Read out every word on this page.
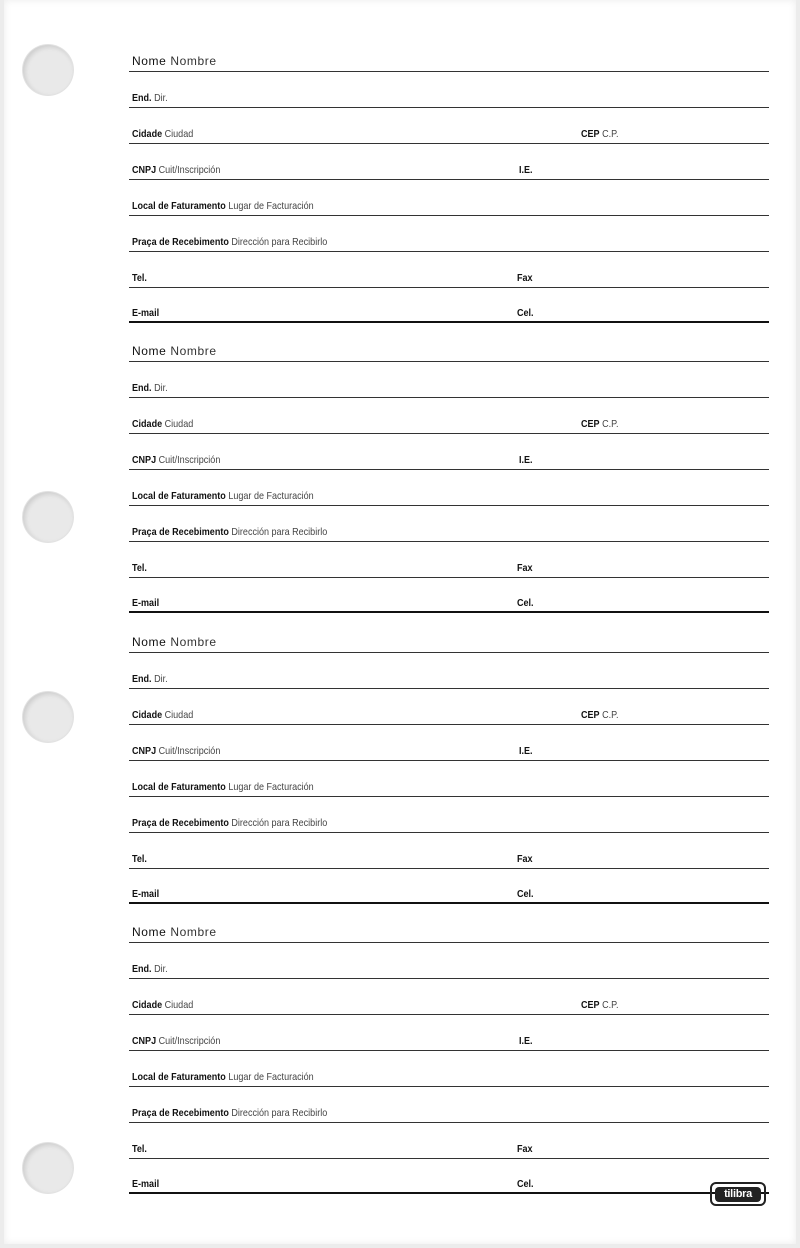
Nome Nombre
End. Dir.
Cidade Ciudad	CEP C.P.
CNPJ Cuit/Inscripción	I.E.
Local de Faturamento Lugar de Facturación
Praça de Recebimento Dirección para Recibirlo
Tel.	Fax
E-mail	Cel.
Nome Nombre
End. Dir.
Cidade Ciudad	CEP C.P.
CNPJ Cuit/Inscripción	I.E.
Local de Faturamento Lugar de Facturación
Praça de Recebimento Dirección para Recibirlo
Tel.	Fax
E-mail	Cel.
Nome Nombre
End. Dir.
Cidade Ciudad	CEP C.P.
CNPJ Cuit/Inscripción	I.E.
Local de Faturamento Lugar de Facturación
Praça de Recebimento Dirección para Recibirlo
Tel.	Fax
E-mail	Cel.
Nome Nombre
End. Dir.
Cidade Ciudad	CEP C.P.
CNPJ Cuit/Inscripción	I.E.
Local de Faturamento Lugar de Facturación
Praça de Recebimento Dirección para Recibirlo
Tel.	Fax
E-mail	Cel.
tilibra
